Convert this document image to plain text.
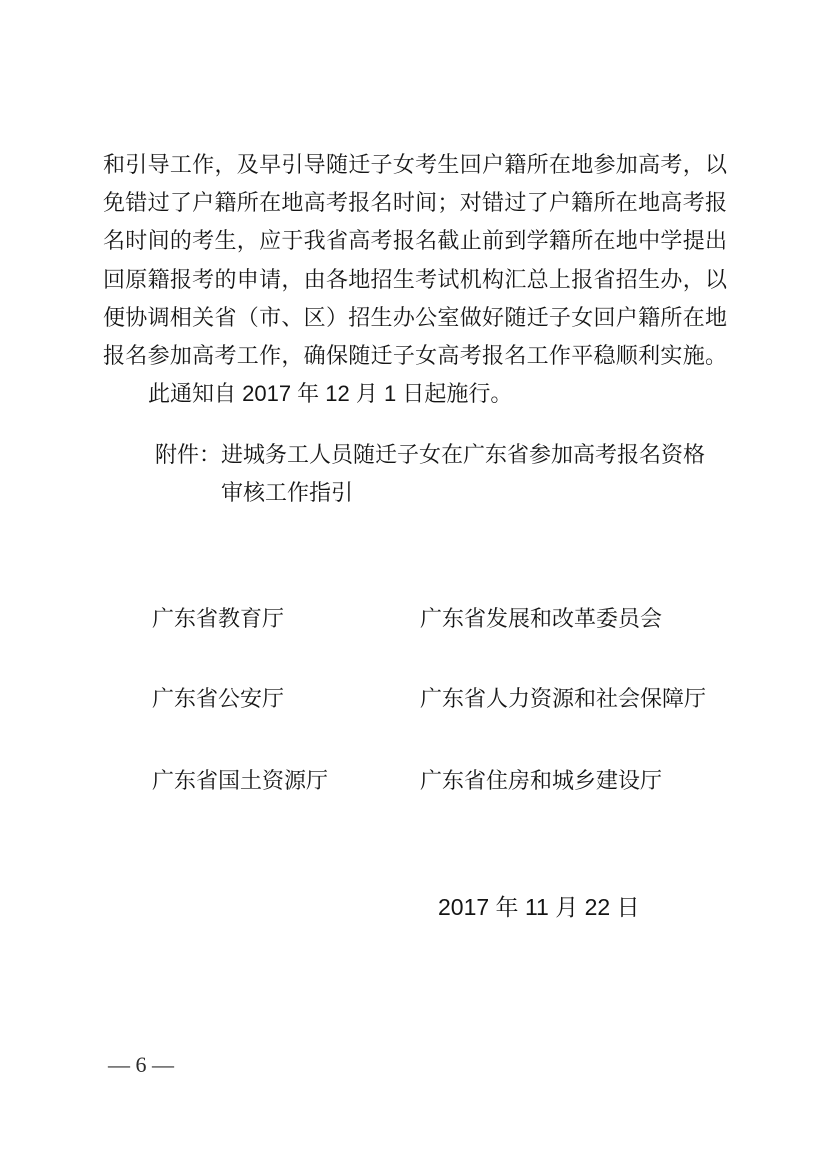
和引导工作，及早引导随迁子女考生回户籍所在地参加高考，以
免错过了户籍所在地高考报名时间；对错过了户籍所在地高考报
名时间的考生，应于我省高考报名截止前到学籍所在地中学提出
回原籍报考的申请，由各地招生考试机构汇总上报省招生办，以
便协调相关省（市、区）招生办公室做好随迁子女回户籍所在地
报名参加高考工作，确保随迁子女高考报名工作平稳顺利实施。
此通知自 2017 年 12 月 1 日起施行。
附件： 进城务工人员随迁子女在广东省参加高考报名资格
审核工作指引
广东省教育厅	广东省发展和改革委员会
广东省公安厅	广东省人力资源和社会保障厅
广东省国土资源厅	广东省住房和城乡建设厅
2017 年 11 月 22 日
— 6 —
